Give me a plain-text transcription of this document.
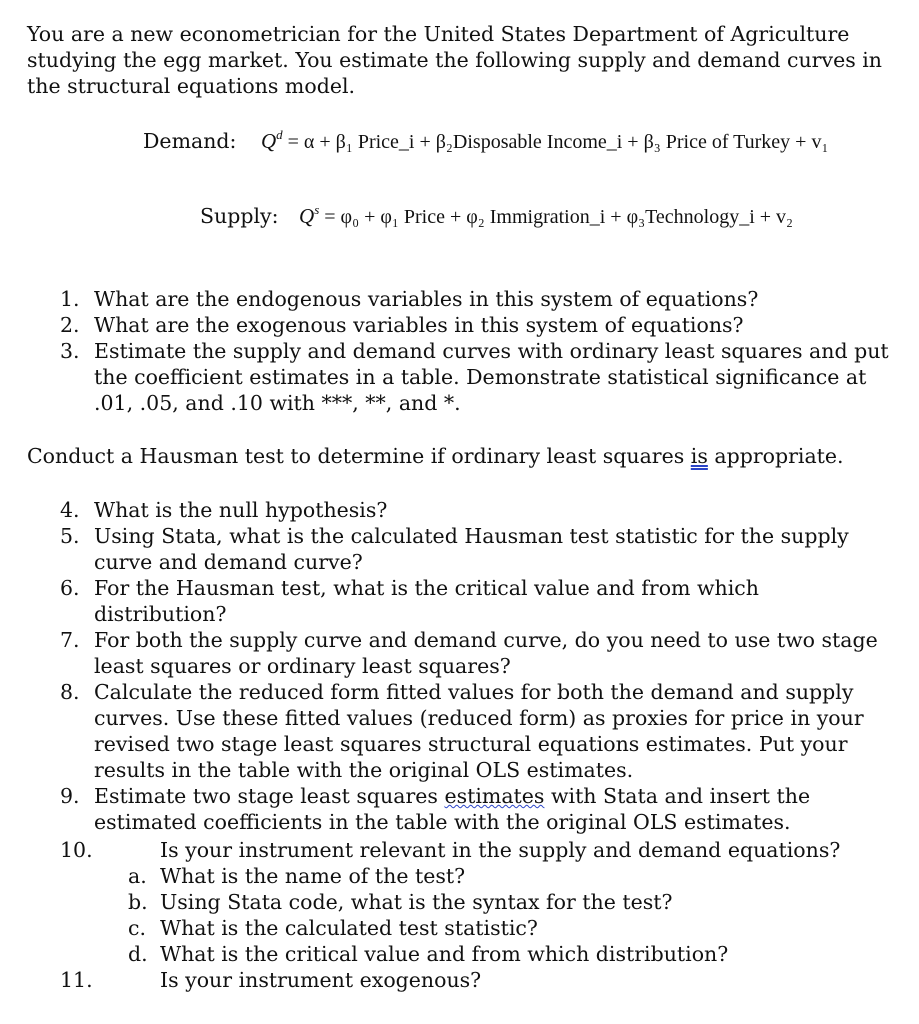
You are a new econometrician for the United States Department of Agriculture studying the egg market. You estimate the following supply and demand curves in the structural equations model.

Demand: $Q^d = \alpha + \beta_1$ Price_i + β₂Disposable Income_i + β₃ Price of Turkey + v₁
Supply: $Q^s = \varphi_0 + \varphi_1$ Price + φ₂ Immigration_i + φ₃Technology_i + v₂
1. What are the endogenous variables in this system of equations?
2. What are the exogenous variables in this system of equations?
3. Estimate the supply and demand curves with ordinary least squares and put the coefficient estimates in a table. Demonstrate statistical significance at .01, .05, and .10 with ***, **, and *.

Conduct a Hausman test to determine if ordinary least squares is appropriate.

4. What is the null hypothesis?
5. Using Stata, what is the calculated Hausman test statistic for the supply curve and demand curve?
6. For the Hausman test, what is the critical value and from which distribution?
7. For both the supply curve and demand curve, do you need to use two stage least squares or ordinary least squares?
8. Calculate the reduced form fitted values for both the demand and supply curves. Use these fitted values (reduced form) as proxies for price in your revised two stage least squares structural equations estimates. Put your results in the table with the original OLS estimates.
9. Estimate two stage least squares estimates with Stata and insert the estimated coefficients in the table with the original OLS estimates.
10.	Is your instrument relevant in the supply and demand equations?
a. What is the name of the test?
b. Using Stata code, what is the syntax for the test?
c. What is the calculated test statistic?
d. What is the critical value and from which distribution?
11.	Is your instrument exogenous?
